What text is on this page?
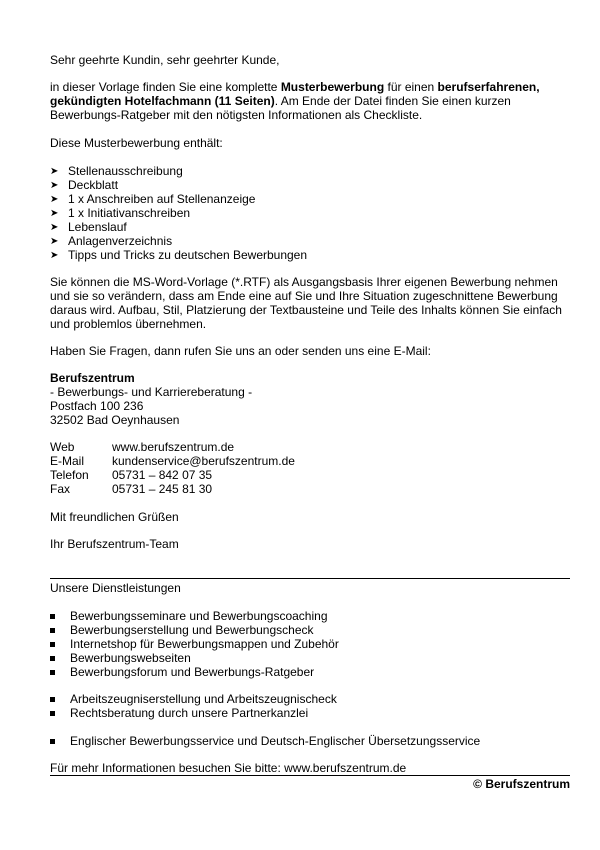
Sehr geehrte Kundin, sehr geehrter Kunde,
in dieser Vorlage finden Sie eine komplette Musterbewerbung für einen berufserfahrenen,
gekündigten Hotelfachmann (11 Seiten). Am Ende der Datei finden Sie einen kurzen
Bewerbungs-Ratgeber mit den nötigsten Informationen als Checkliste.
Diese Musterbewerbung enthält:
➤ Stellenausschreibung
➤ Deckblatt
➤ 1 x Anschreiben auf Stellenanzeige
➤ 1 x Initiativanschreiben
➤ Lebenslauf
➤ Anlagenverzeichnis
➤ Tipps und Tricks zu deutschen Bewerbungen
Sie können die MS-Word-Vorlage (*.RTF) als Ausgangsbasis Ihrer eigenen Bewerbung nehmen
und sie so verändern, dass am Ende eine auf Sie und Ihre Situation zugeschnittene Bewerbung
daraus wird. Aufbau, Stil, Platzierung der Textbausteine und Teile des Inhalts können Sie einfach
und problemlos übernehmen.
Haben Sie Fragen, dann rufen Sie uns an oder senden uns eine E-Mail:
Berufszentrum
- Bewerbungs- und Karriereberatung -
Postfach 100 236
32502 Bad Oeynhausen
Web	www.berufszentrum.de
E-Mail kundenservice@berufszentrum.de
Telefon 05731 – 842 07 35
Fax	05731 – 245 81 30
Mit freundlichen Grüßen
Ihr Berufszentrum-Team
Unsere Dienstleistungen
Bewerbungsseminare und Bewerbungscoaching
Bewerbungserstellung und Bewerbungscheck
Internetshop für Bewerbungsmappen und Zubehör
Bewerbungswebseiten
Bewerbungsforum und Bewerbungs-Ratgeber
Arbeitszeugniserstellung und Arbeitszeugnischeck
Rechtsberatung durch unsere Partnerkanzlei
Englischer Bewerbungsservice und Deutsch-Englischer Übersetzungsservice
Für mehr Informationen besuchen Sie bitte: www.berufszentrum.de
© Berufszentrum
